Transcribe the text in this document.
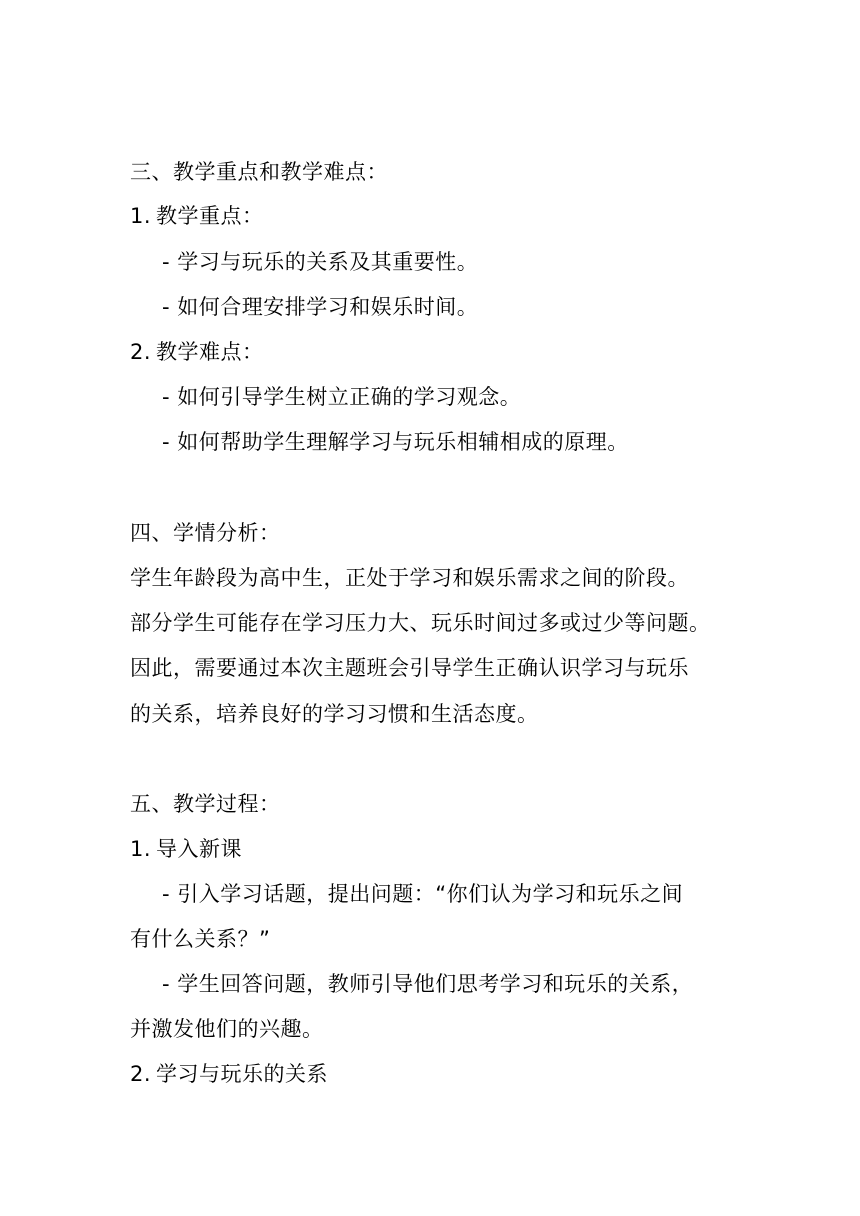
三、教学重点和教学难点：
1. 教学重点：
- 学习与玩乐的关系及其重要性。
- 如何合理安排学习和娱乐时间。
2. 教学难点：
- 如何引导学生树立正确的学习观念。
- 如何帮助学生理解学习与玩乐相辅相成的原理。
四、学情分析：
学生年龄段为高中生，正处于学习和娱乐需求之间的阶段。
部分学生可能存在学习压力大、玩乐时间过多或过少等问题。
因此，需要通过本次主题班会引导学生正确认识学习与玩乐
的关系，培养良好的学习习惯和生活态度。
五、教学过程：
1. 导入新课
- 引入学习话题，提出问题：“你们认为学习和玩乐之间
有什么关系？”
- 学生回答问题，教师引导他们思考学习和玩乐的关系，
并激发他们的兴趣。
2. 学习与玩乐的关系
